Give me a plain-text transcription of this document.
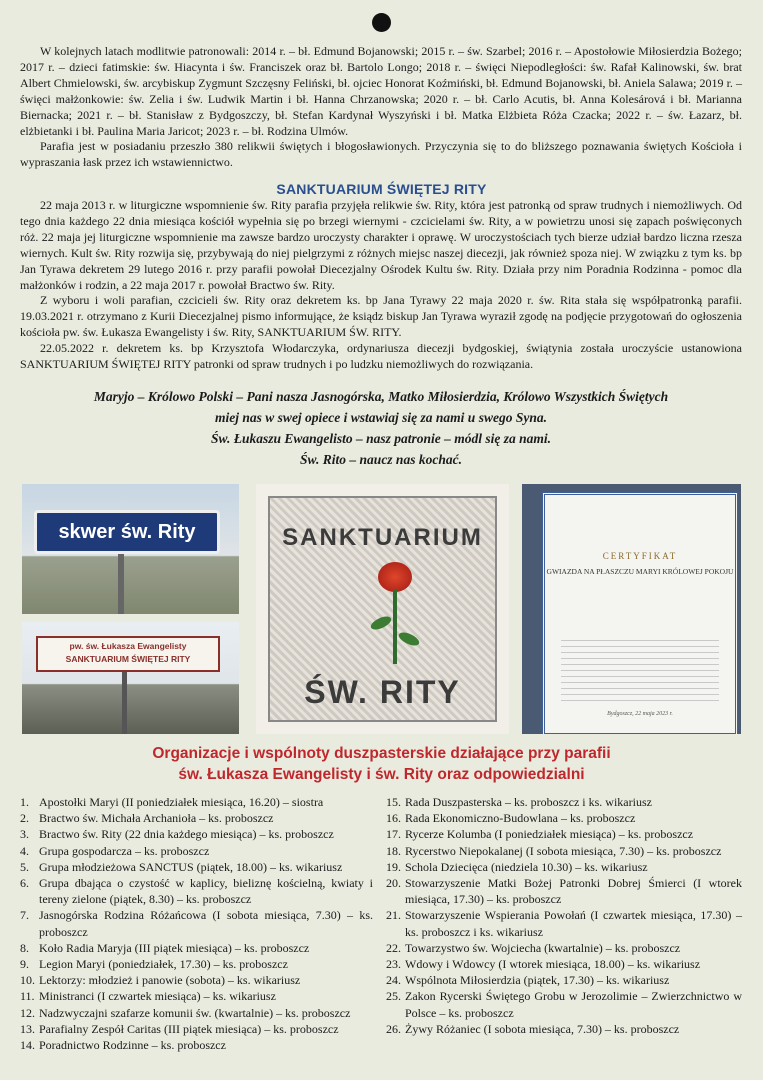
W kolejnych latach modlitwie patronowali: 2014 r. – bł. Edmund Bojanowski; 2015 r. – św. Szarbel; 2016 r. – Apostołowie Miłosierdzia Bożego; 2017 r. – dzieci fatimskie: św. Hiacynta i św. Franciszek oraz bł. Bartolo Longo; 2018 r. – święci Niepodległości: św. Rafał Kalinowski, św. brat Albert Chmielowski, św. arcybiskup Zygmunt Szczęsny Feliński, bł. ojciec Honorat Koźmiński, bł. Edmund Bojanowski, bł. Aniela Salawa; 2019 r. – święci małżonkowie: św. Zelia i św. Ludwik Martin i bł. Hanna Chrzanowska; 2020 r. – bł. Carlo Acutis, bł. Anna Kolesárová i bł. Marianna Biernacka; 2021 r. – bł. Stanisław z Bydgoszczy, bł. Stefan Kardynał Wyszyński i bł. Matka Elżbieta Róża Czacka; 2022 r. – św. Łazarz, bł. elżbietanki i bł. Paulina Maria Jaricot; 2023 r. – bł. Rodzina Ulmów.

Parafia jest w posiadaniu przeszło 380 relikwii świętych i błogosławionych. Przyczynia się to do bliższego poznawania świętych Kościoła i wypraszania łask przez ich wstawiennictwo.

SANKTUARIUM ŚWIĘTEJ RITY

22 maja 2013 r. w liturgiczne wspomnienie św. Rity parafia przyjęła relikwie św. Rity, która jest patronką od spraw trudnych i niemożliwych. Od tego dnia każdego 22 dnia miesiąca kościół wypełnia się po brzegi wiernymi - czcicielami św. Rity, a w powietrzu unosi się zapach poświęconych róż. 22 maja jej liturgiczne wspomnienie ma zawsze bardzo uroczysty charakter i oprawę. W uroczystościach tych bierze udział bardzo liczna rzesza wiernych. Kult św. Rity rozwija się, przybywają do niej pielgrzymi z różnych miejsc naszej diecezji, jak również spoza niej. W związku z tym ks. bp Jan Tyrawa dekretem 29 lutego 2016 r. przy parafii powołał Diecezjalny Ośrodek Kultu św. Rity. Działa przy nim Poradnia Rodzinna - pomoc dla małżonków i rodzin, a 22 maja 2017 r. powołał Bractwo św. Rity.

Z wyboru i woli parafian, czcicieli św. Rity oraz dekretem ks. bp Jana Tyrawy 22 maja 2020 r. św. Rita stała się współpatronką parafii. 19.03.2021 r. otrzymano z Kurii Diecezjalnej pismo informujące, że ksiądz biskup Jan Tyrawa wyraził zgodę na podjęcie przygotowań do ogłoszenia kościoła pw. św. Łukasza Ewangelisty i św. Rity, SANKTUARIUM ŚW. RITY.

22.05.2022 r. dekretem ks. bp Krzysztofa Włodarczyka, ordynariusza diecezji bydgoskiej, świątynia została uroczyście ustanowiona SANKTUARIUM ŚWIĘTEJ RITY patronki od spraw trudnych i po ludzku niemożliwych do rozwiązania.

Maryjo – Królowo Polski – Pani nasza Jasnogórska, Matko Miłosierdzia, Królowo Wszystkich Świętych
miej nas w swej opiece i wstawiaj się za nami u swego Syna.
Św. Łukaszu Ewangelisto – nasz patronie – módl się za nami.
Św. Rito – naucz nas kochać.
skwer św. Rity
pw. św. Łukasza Ewangelisty
SANKTUARIUM ŚWIĘTEJ RITY
SANKTUARIUM
ŚW. RITY
CERTYFIKAT
GWIAZDA NA PŁASZCZU MARYI KRÓLOWEJ POKOJU
Bydgoszcz, 22 maja 2023 r.
Organizacje i wspólnoty duszpasterskie działające przy parafii
św. Łukasza Ewangelisty i św. Rity oraz odpowiedzialni
1. Apostołki Maryi (II poniedziałek miesiąca, 16.20) – siostra
2. Bractwo św. Michała Archanioła – ks. proboszcz
3. Bractwo św. Rity (22 dnia każdego miesiąca) – ks. proboszcz
4. Grupa gospodarcza – ks. proboszcz
5. Grupa młodzieżowa SANCTUS (piątek, 18.00) – ks. wikariusz
6. Grupa dbająca o czystość w kaplicy, bieliznę kościelną, kwiaty i tereny zielone (piątek, 8.30) – ks. proboszcz
7. Jasnogórska Rodzina Różańcowa (I sobota miesiąca, 7.30) – ks. proboszcz
8. Koło Radia Maryja (III piątek miesiąca) – ks. proboszcz
9. Legion Maryi (poniedziałek, 17.30) – ks. proboszcz
10. Lektorzy: młodzież i panowie (sobota) – ks. wikariusz
11. Ministranci (I czwartek miesiąca) – ks. wikariusz
12. Nadzwyczajni szafarze komunii św. (kwartalnie) – ks. proboszcz
13. Parafialny Zespół Caritas (III piątek miesiąca) – ks. proboszcz
14. Poradnictwo Rodzinne – ks. proboszcz
15. Rada Duszpasterska – ks. proboszcz i ks. wikariusz
16. Rada Ekonomiczno-Budowlana – ks. proboszcz
17. Rycerze Kolumba (I poniedziałek miesiąca) – ks. proboszcz
18. Rycerstwo Niepokalanej (I sobota miesiąca, 7.30) – ks. proboszcz
19. Schola Dziecięca (niedziela 10.30) – ks. wikariusz
20. Stowarzyszenie Matki Bożej Patronki Dobrej Śmierci (I wtorek miesiąca, 17.30) – ks. proboszcz
21. Stowarzyszenie Wspierania Powołań (I czwartek miesiąca, 17.30) – ks. proboszcz i ks. wikariusz
22. Towarzystwo św. Wojciecha (kwartalnie) – ks. proboszcz
23. Wdowy i Wdowcy (I wtorek miesiąca, 18.00) – ks. wikariusz
24. Wspólnota Miłosierdzia (piątek, 17.30) – ks. wikariusz
25. Zakon Rycerski Świętego Grobu w Jerozolimie – Zwierzchnictwo w Polsce – ks. proboszcz
26. Żywy Różaniec (I sobota miesiąca, 7.30) – ks. proboszcz
